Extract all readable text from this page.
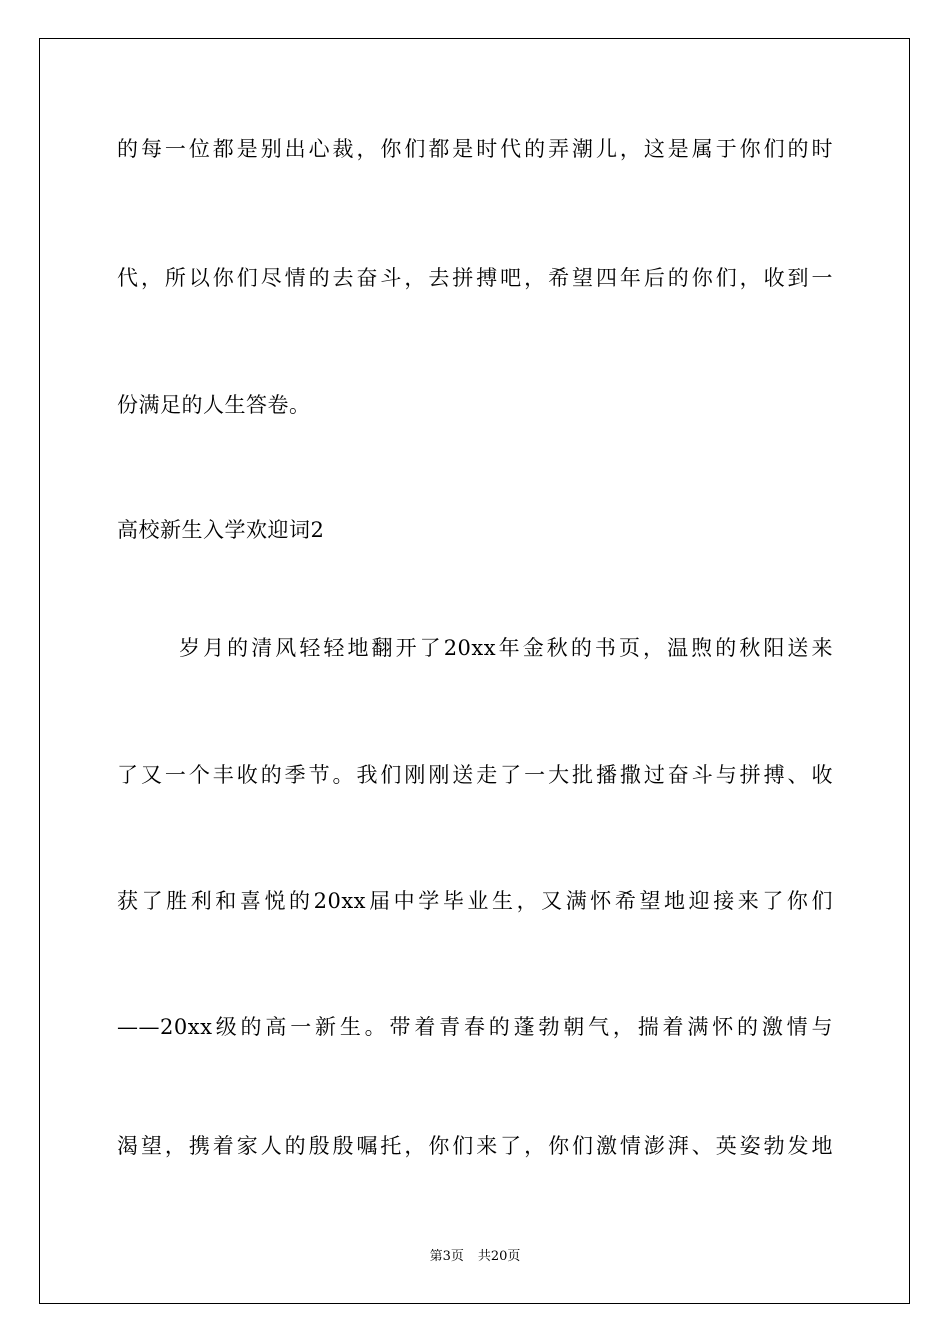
的每一位都是别出心裁，你们都是时代的弄潮儿，这是属于你们的时
代，所以你们尽情的去奋斗，去拼搏吧，希望四年后的你们，收到一
份满足的人生答卷。
高校新生入学欢迎词2
岁月的清风轻轻地翻开了20xx年金秋的书页，温煦的秋阳送来
了又一个丰收的季节。我们刚刚送走了一大批播撒过奋斗与拼搏、收
获了胜利和喜悦的20xx届中学毕业生，又满怀希望地迎接来了你们
——20xx级的高一新生。带着青春的蓬勃朝气，揣着满怀的激情与
渴望，携着家人的殷殷嘱托，你们来了，你们激情澎湃、英姿勃发地
第3页 共20页
